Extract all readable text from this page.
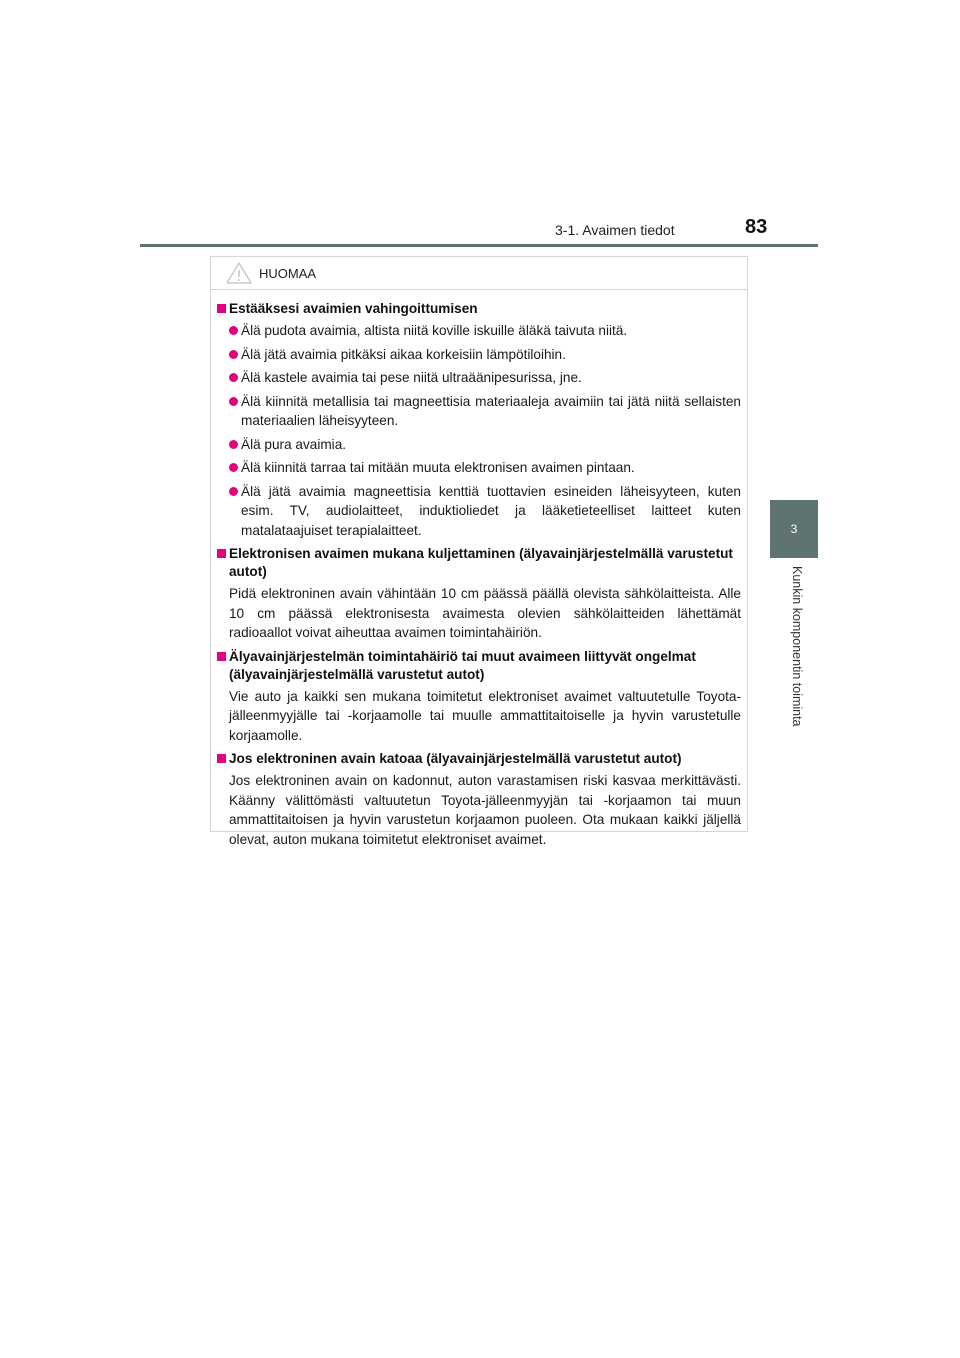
3-1. Avaimen tiedot	83
3
Kunkin komponentin toiminta
HUOMAA
Estääksesi avaimien vahingoittumisen
Älä pudota avaimia, altista niitä koville iskuille äläkä taivuta niitä.
Älä jätä avaimia pitkäksi aikaa korkeisiin lämpötiloihin.
Älä kastele avaimia tai pese niitä ultraäänipesurissa, jne.
Älä kiinnitä metallisia tai magneettisia materiaaleja avaimiin tai jätä niitä sellaisten materiaalien läheisyyteen.
Älä pura avaimia.
Älä kiinnitä tarraa tai mitään muuta elektronisen avaimen pintaan.
Älä jätä avaimia magneettisia kenttiä tuottavien esineiden läheisyyteen, kuten esim. TV, audiolaitteet, induktioliedet ja lääketieteelliset laitteet kuten matalataajuiset terapialaitteet.
Elektronisen avaimen mukana kuljettaminen (älyavainjärjestelmällä varustetut autot)
Pidä elektroninen avain vähintään 10 cm päässä päällä olevista sähkölaitteista. Alle 10 cm päässä elektronisesta avaimesta olevien sähkölaitteiden lähettämät radioaallot voivat aiheuttaa avaimen toimintahäiriön.
Älyavainjärjestelmän toimintahäiriö tai muut avaimeen liittyvät ongelmat (älyavainjärjestelmällä varustetut autot)
Vie auto ja kaikki sen mukana toimitetut elektroniset avaimet valtuutetulle Toyota-jälleenmyyjälle tai -korjaamolle tai muulle ammattitaitoiselle ja hyvin varustetulle korjaamolle.
Jos elektroninen avain katoaa (älyavainjärjestelmällä varustetut autot)
Jos elektroninen avain on kadonnut, auton varastamisen riski kasvaa merkittävästi. Käänny välittömästi valtuutetun Toyota-jälleenmyyjän tai -korjaamon tai muun ammattitaitoisen ja hyvin varustetun korjaamon puoleen. Ota mukaan kaikki jäljellä olevat, auton mukana toimitetut elektroniset avaimet.
